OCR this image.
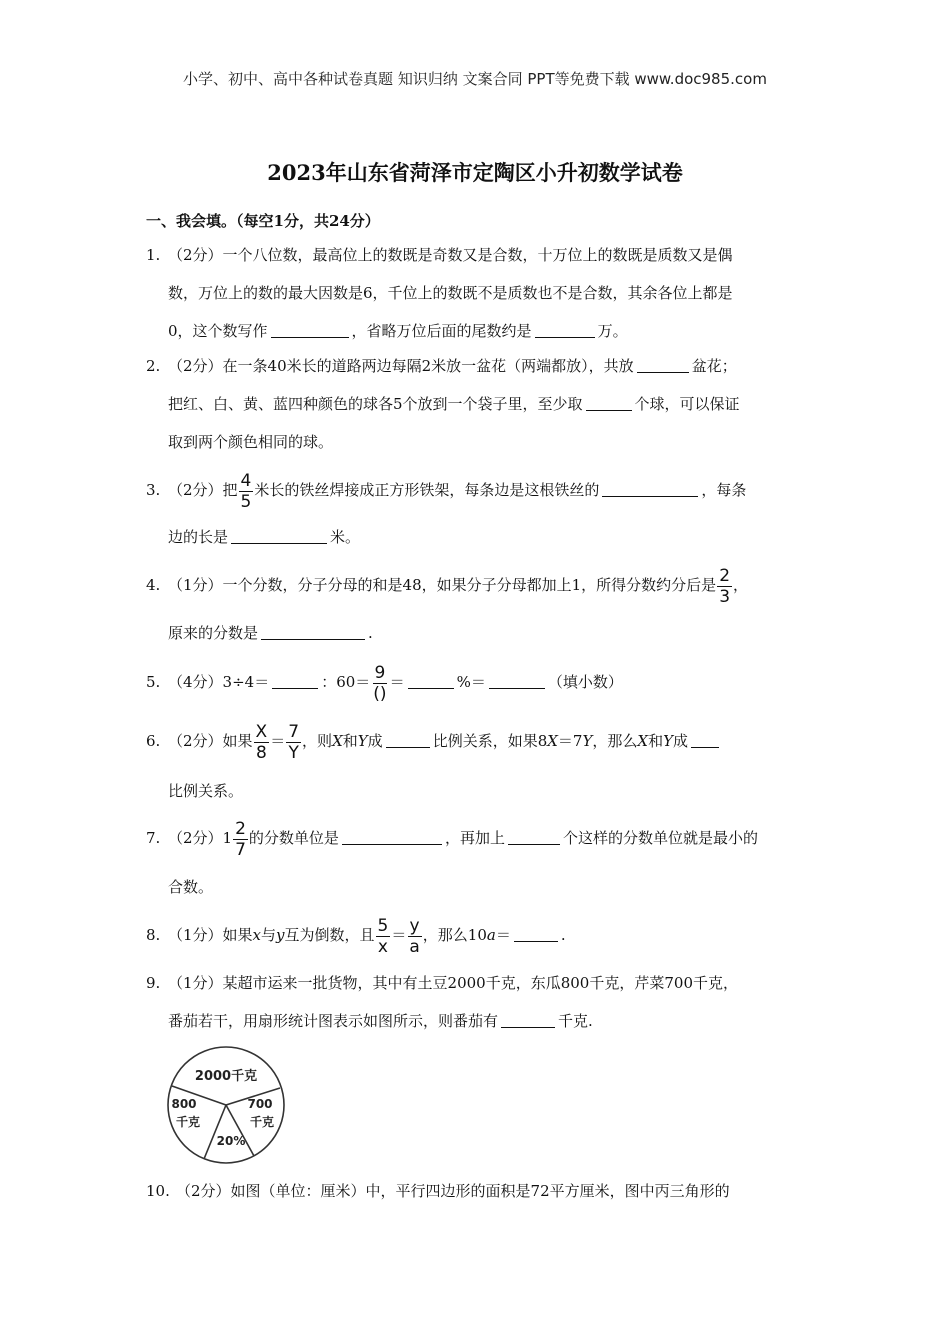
小学、初中、高中各种试卷真题 知识归纳 文案合同 PPT等免费下载 www.doc985.com
2023年山东省菏泽市定陶区小升初数学试卷
一、我会填。（每空1分，共24分）
1. （2分）一个八位数，最高位上的数既是奇数又是合数，十万位上的数既是质数又是偶
数，万位上的数的最大因数是6，千位上的数既不是质数也不是合数，其余各位上都是
0，这个数写作	，省略万位后面的尾数约是	万。
2. （2分）在一条40米长的道路两边每隔2米放一盆花（两端都放），共放	盆花；
把红、白、黄、蓝四种颜色的球各5个放到一个袋子里，至少取	个球，可以保证
取到两个颜色相同的球。
3. （2分）把 $\frac{4}{5}$ 米长的铁丝焊接成正方形铁架，每条边是这根铁丝的	，每条
边的长是	米。
4. （1分）一个分数，分子分母的和是48，如果分子分母都加上1，所得分数约分后是 $\frac{2}{3}$ ，
原来的分数是	.
5. （4分）3÷4＝	：$60= \frac{9}{()}$ ＝	%＝	（填小数）
6. （2分）如果 $\frac{X}{8} = \frac{7}{Y}$ ，则X和Y成	比例关系，如果8X＝7Y，那么X和Y成
比例关系。
7. （2分）$1 \frac{2}{7}$ 的分数单位是	，再加上	个这样的分数单位就是最小的
合数。
8. （1分）如果x与y互为倒数，且 $\frac{5}{x} = \frac{y}{a}$ ，那么10a＝	.
9. （1分）某超市运来一批货物，其中有土豆2000千克，东瓜800千克，芹菜700千克，
番茄若干，用扇形统计图表示如图所示，则番茄有	千克.
2000千克
800
千克
700
千克
20%
10. （2分）如图（单位：厘米）中，平行四边形的面积是72平方厘米，图中丙三角形的
